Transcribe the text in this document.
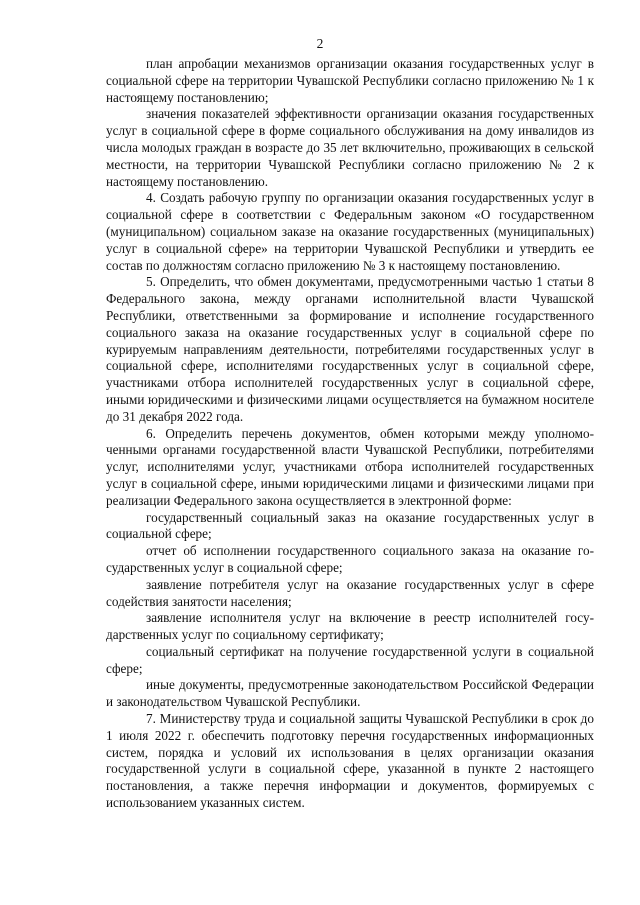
2

план апробации механизмов организации оказания государственных услуг в социальной сфере на территории Чувашской Республики согласно приложению № 1 к настоящему постановлению;

значения показателей эффективности организации оказания государственных услуг в социальной сфере в форме социального обслуживания на дому инвалидов из числа молодых граждан в возрасте до 35 лет включительно, проживающих в сельской местности, на территории Чувашской Республики согласно приложению № 2 к настоящему постановлению.

4. Создать рабочую группу по организации оказания государственных услуг в социальной сфере в соответствии с Федеральным законом «О государственном (муниципальном) социальном заказе на оказание государственных (муниципальных) услуг в социальной сфере» на территории Чувашской Республики и утвердить ее состав по должностям согласно приложению № 3 к настоящему постановлению.

5. Определить, что обмен документами, предусмотренными частью 1 статьи 8 Федерального закона, между органами исполнительной власти Чувашской Республики, ответственными за формирование и исполнение государственного социального заказа на оказание государственных услуг в социальной сфере по курируемым направлениям деятельности, потребителями государственных услуг в социальной сфере, исполнителями государственных услуг в социальной сфере, участниками отбора исполнителей государственных услуг в социальной сфере, иными юридическими и физическими лицами осуществляется на бумажном носителе до 31 декабря 2022 года.

6. Определить перечень документов, обмен которыми между уполномоченными органами государственной власти Чувашской Республики, потребителями услуг, исполнителями услуг, участниками отбора исполнителей государственных услуг в социальной сфере, иными юридическими лицами и физическими лицами при реализации Федерального закона осуществляется в электронной форме:

государственный социальный заказ на оказание государственных услуг в социальной сфере;

отчет об исполнении государственного социального заказа на оказание государственных услуг в социальной сфере;

заявление потребителя услуг на оказание государственных услуг в сфере содействия занятости населения;

заявление исполнителя услуг на включение в реестр исполнителей государственных услуг по социальному сертификату;

социальный сертификат на получение государственной услуги в социальной сфере;

иные документы, предусмотренные законодательством Российской Федерации и законодательством Чувашской Республики.

7. Министерству труда и социальной защиты Чувашской Республики в срок до 1 июля 2022 г. обеспечить подготовку перечня государственных информационных систем, порядка и условий их использования в целях организации оказания государственной услуги в социальной сфере, указанной в пункте 2 настоящего постановления, а также перечня информации и документов, формируемых с использованием указанных систем.
